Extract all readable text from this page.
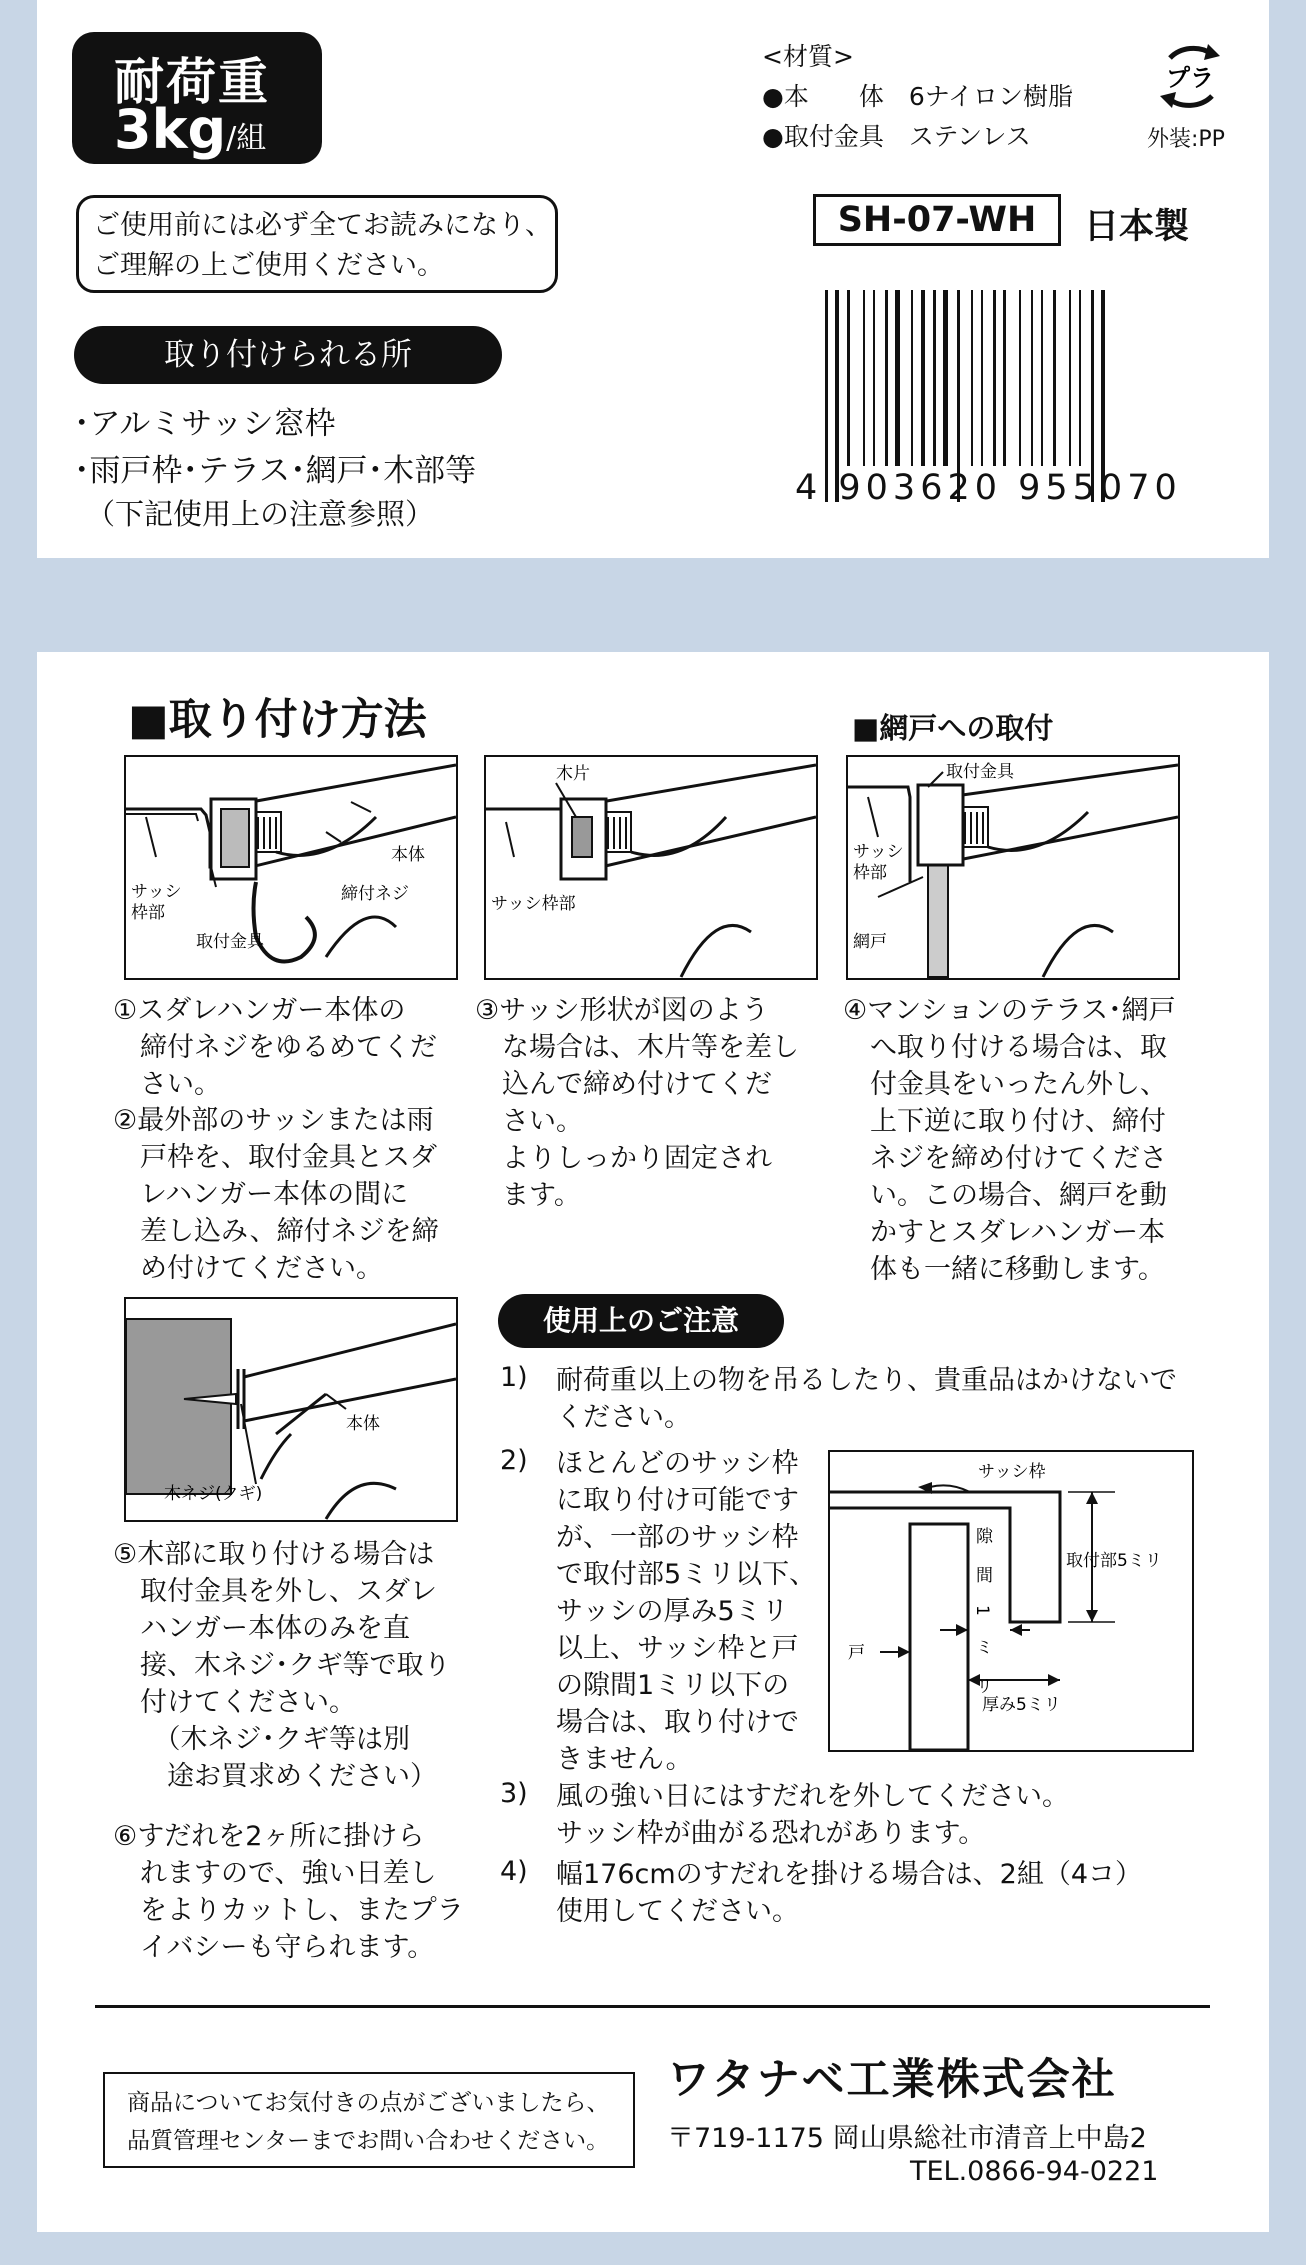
耐荷重
3kg/組
ご使用前には必ず全てお読みになり、
ご理解の上ご使用ください。
取り付けられる所
･アルミサッシ窓枠
･雨戸枠･テラス･網戸･木部等
（下記使用上の注意参照）
<材質>
●本　　体　6ナイロン樹脂
●取付金具　ステンレス
プラ
外装:PP
SH-07-WH	日本製
4 903620 955070
■取り付け方法	■網戸への取付
サッシ枠部
取付金具
締付ネジ
本体
木片
サッシ枠部
取付金具
サッシ枠部
網戸
①スダレハンガー本体の
　締付ネジをゆるめてくだ
　さい。
②最外部のサッシまたは雨
　戸枠を、取付金具とスダ
　レハンガー本体の間に
　差し込み、締付ネジを締
　め付けてください。
③サッシ形状が図のよう
　な場合は、木片等を差し
　込んで締め付けてくだ
　さい。
　よりしっかり固定され
　ます。
④マンションのテラス･網戸
　へ取り付ける場合は、取
　付金具をいったん外し、
　上下逆に取り付け、締付
　ネジを締め付けてくださ
　い。この場合、網戸を動
　かすとスダレハンガー本
　体も一緒に移動します。
本体
木ネジ(クギ)
⑤木部に取り付ける場合は
　取付金具を外し、スダレ
　ハンガー本体のみを直
　接、木ネジ･クギ等で取り
　付けてください。
　　（木ネジ･クギ等は別
　　途お買求めください）
⑥すだれを2ヶ所に掛けら
　れますので、強い日差し
　をよりカットし、またプラ
　イバシーも守られます。
使用上のご注意
1) 耐荷重以上の物を吊るしたり、貴重品はかけないで
ください。
2) ほとんどのサッシ枠
に取り付け可能です
が、一部のサッシ枠
で取付部5ミリ以下、
サッシの厚み5ミリ
以上、サッシ枠と戸
の隙間1ミリ以下の
場合は、取り付けで
きません。
サッシ枠
隙間 1 ミリ
取付部5ミリ
戸
厚み5ミリ
3) 風の強い日にはすだれを外してください。
サッシ枠が曲がる恐れがあります。
4) 幅176cmのすだれを掛ける場合は、2組（4コ）
使用してください。
商品についてお気付きの点がございましたら、
品質管理センターまでお問い合わせください。
ワタナベ工業株式会社
〒719-1175 岡山県総社市清音上中島2
TEL.0866-94-0221
